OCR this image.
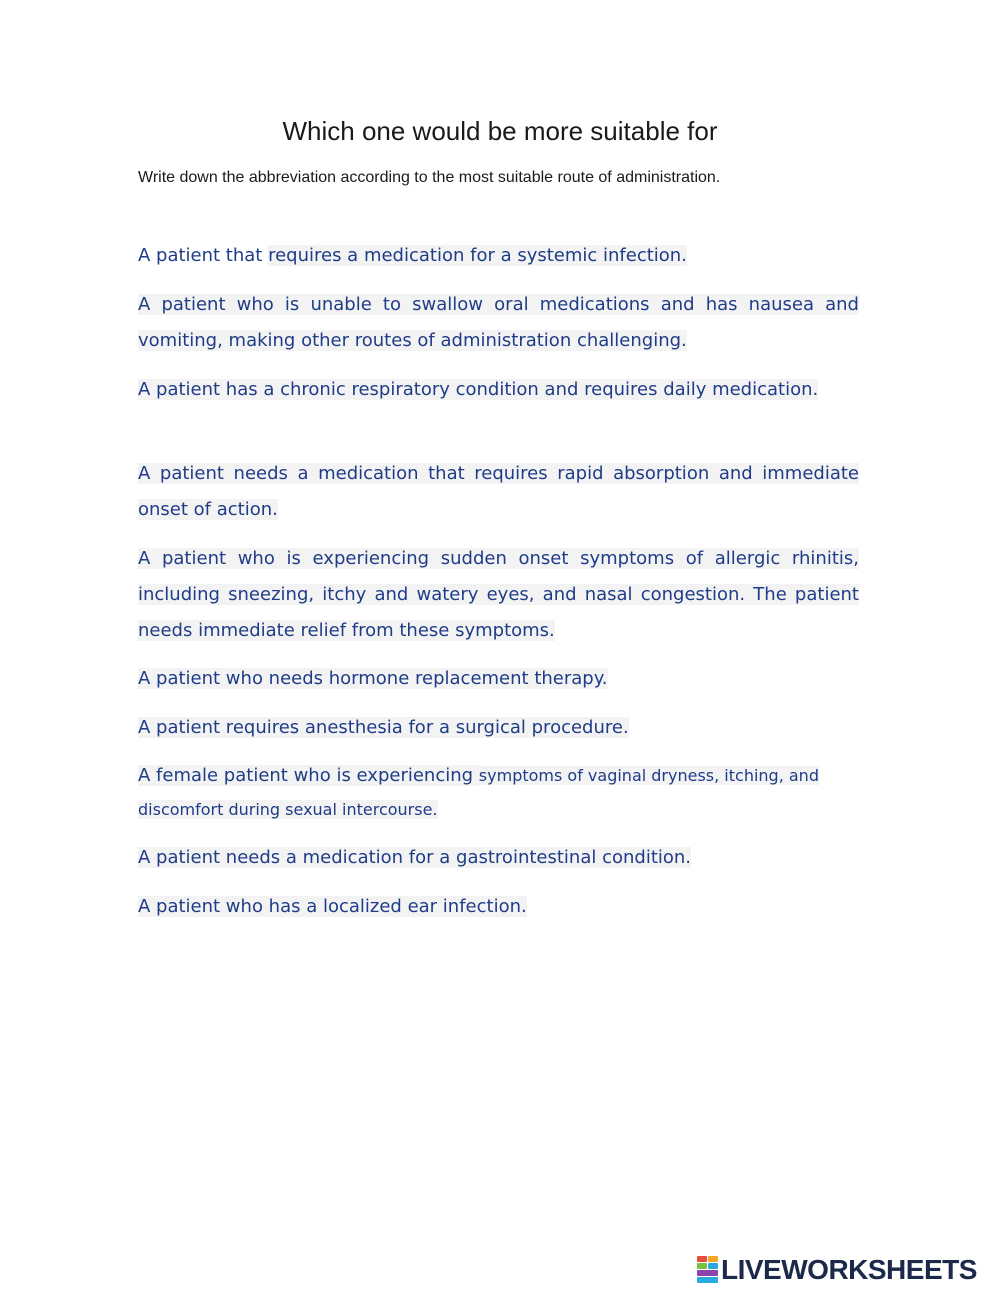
Which one would be more suitable for
Write down the abbreviation according to the most suitable route of administration.

A patient that requires a medication for a systemic infection.

A patient who is unable to swallow oral medications and has nausea and vomiting, making other routes of administration challenging.

A patient has a chronic respiratory condition and requires daily medication.

A patient needs a medication that requires rapid absorption and immediate onset of action.

A patient who is experiencing sudden onset symptoms of allergic rhinitis, including sneezing, itchy and watery eyes, and nasal congestion. The patient needs immediate relief from these symptoms.

A patient who needs hormone replacement therapy.

A patient requires anesthesia for a surgical procedure.

A female patient who is experiencing symptoms of vaginal dryness, itching, and discomfort during sexual intercourse.

A patient needs a medication for a gastrointestinal condition.

A patient who has a localized ear infection.

LIVEWORKSHEETS
